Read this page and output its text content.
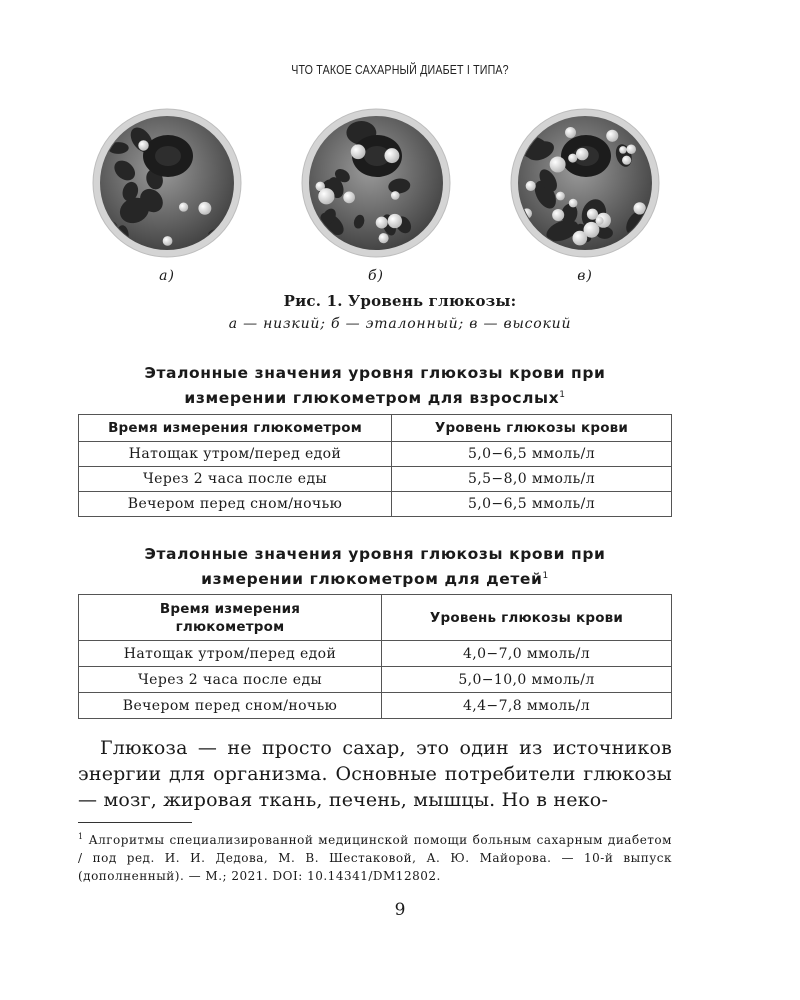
ЧТО ТАКОЕ САХАРНЫЙ ДИАБЕТ I ТИПА?
а)	б)	в)
Рис. 1. Уровень глюкозы:
а — низкий; б — эталонный; в — высокий
Эталонные значения уровня глюкозы крови при
измерении глюкометром для взрослых$^1$
Время измерения глюкометром	Уровень глюкозы крови
Натощак утром/перед едой	5,0−6,5 ммоль/л
Через 2 часа после еды	5,5−8,0 ммоль/л
Вечером перед сном/ночью	5,0−6,5 ммоль/л
Эталонные значения уровня глюкозы крови при
измерении глюкометром для детей$^1$
Время измерения глюкометром	Уровень глюкозы крови
Натощак утром/перед едой	4,0−7,0 ммоль/л
Через 2 часа после еды	5,0−10,0 ммоль/л
Вечером перед сном/ночью	4,4−7,8 ммоль/л

Глюкоза — не просто сахар, это один из источников энергии для организма. Основные потребители глюкозы — мозг, жировая ткань, печень, мышцы. Но в неко-

$^1$ Алгоритмы специализированной медицинской помощи больным сахарным диабетом / под ред. И. И. Дедова, М. В. Шестаковой, А. Ю. Майорова. — 10-й выпуск (дополненный). — М.; 2021. DOI: 10.14341/DM12802.
9
